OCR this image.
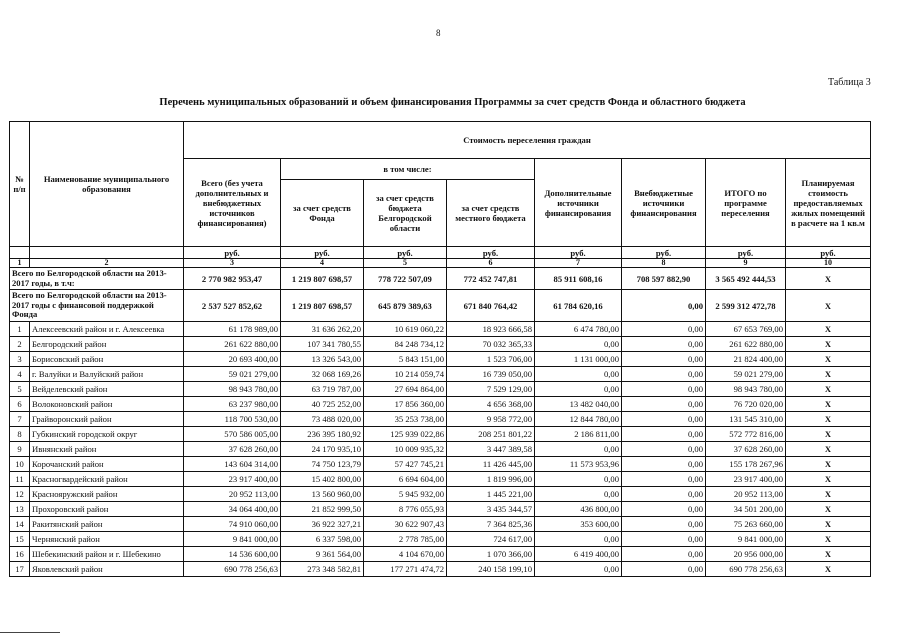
8
Таблица 3
Перечень муниципальных образований и объем финансирования Программы за счет средств Фонда и областного бюджета
№ п/п	Наименование муниципального образования	Стоимость переселения граждан							
		Всего (без учета дополнительных и внебюджетных источников финансирования)	в том числе:			Дополнительные источники финансирования	Внебюджетные источники финансирования	ИТОГО по программе переселения	Планируемая стоимость предоставляемых жилых помещений в расчете на 1 кв.м
			за счет средств Фонда	за счет средств бюджета Белгородской области	за счет средств местного бюджета				
		руб.	руб.	руб.	руб.	руб.	руб.	руб.	руб.
1	2	3	4	5	6	7	8	9	10
Всего по Белгородской области на 2013-2017 годы, в т.ч:		2 770 982 953,47	1 219 807 698,57	778 722 507,09	772 452 747,81	85 911 608,16	708 597 882,90	3 565 492 444,53	X
Всего по Белгородской области на 2013-2017 годы с финансовой поддержкой Фонда		2 537 527 852,62	1 219 807 698,57	645 879 389,63	671 840 764,42	61 784 620,16	0,00	2 599 312 472,78	X
1	Алексеевский район и г. Алексеевка	61 178 989,00	31 636 262,20	10 619 060,22	18 923 666,58	6 474 780,00	0,00	67 653 769,00	X
2	Белгородский район	261 622 880,00	107 341 780,55	84 248 734,12	70 032 365,33	0,00	0,00	261 622 880,00	X
3	Борисовский район	20 693 400,00	13 326 543,00	5 843 151,00	1 523 706,00	1 131 000,00	0,00	21 824 400,00	X
4	г. Валуйки и Валуйский район	59 021 279,00	32 068 169,26	10 214 059,74	16 739 050,00	0,00	0,00	59 021 279,00	X
5	Вейделевский район	98 943 780,00	63 719 787,00	27 694 864,00	7 529 129,00	0,00	0,00	98 943 780,00	X
6	Волоконовский район	63 237 980,00	40 725 252,00	17 856 360,00	4 656 368,00	13 482 040,00	0,00	76 720 020,00	X
7	Грайворонский район	118 700 530,00	73 488 020,00	35 253 738,00	9 958 772,00	12 844 780,00	0,00	131 545 310,00	X
8	Губкинский городской округ	570 586 005,00	236 395 180,92	125 939 022,86	208 251 801,22	2 186 811,00	0,00	572 772 816,00	X
9	Ивнянский район	37 628 260,00	24 170 935,10	10 009 935,32	3 447 389,58	0,00	0,00	37 628 260,00	X
10	Корочанский район	143 604 314,00	74 750 123,79	57 427 745,21	11 426 445,00	11 573 953,96	0,00	155 178 267,96	X
11	Красногвардейский район	23 917 400,00	15 402 800,00	6 694 604,00	1 819 996,00	0,00	0,00	23 917 400,00	X
12	Краснояружский район	20 952 113,00	13 560 960,00	5 945 932,00	1 445 221,00	0,00	0,00	20 952 113,00	X
13	Прохоровский район	34 064 400,00	21 852 999,50	8 776 055,93	3 435 344,57	436 800,00	0,00	34 501 200,00	X
14	Ракитянский район	74 910 060,00	36 922 327,21	30 622 907,43	7 364 825,36	353 600,00	0,00	75 263 660,00	X
15	Чернянский район	9 841 000,00	6 337 598,00	2 778 785,00	724 617,00	0,00	0,00	9 841 000,00	X
16	Шебекинский район и г. Шебекино	14 536 600,00	9 361 564,00	4 104 670,00	1 070 366,00	6 419 400,00	0,00	20 956 000,00	X
17	Яковлевский район	690 778 256,63	273 348 582,81	177 271 474,72	240 158 199,10	0,00	0,00	690 778 256,63	X
